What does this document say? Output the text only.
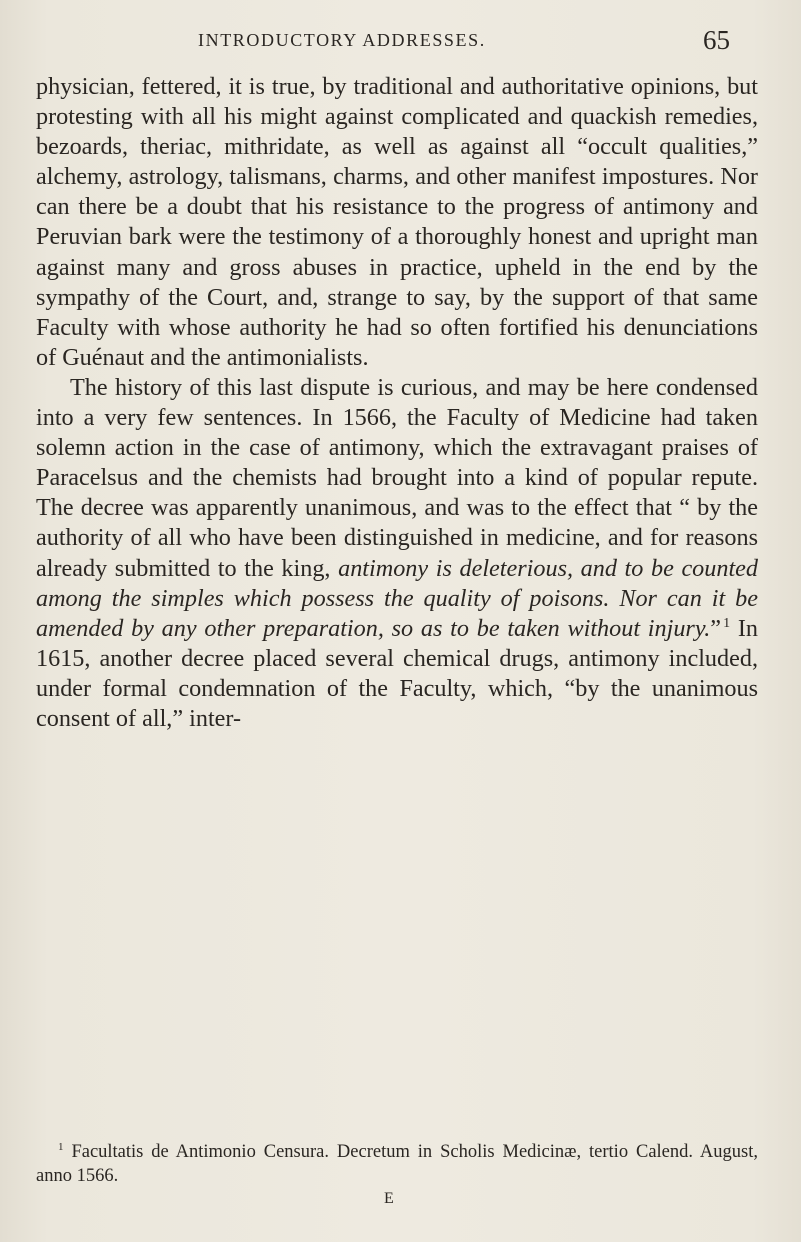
INTRODUCTORY ADDRESSES.	65

physician, fettered, it is true, by traditional and authoritative opinions, but protesting with all his might against complicated and quackish remedies, bezoards, theriac, mithridate, as well as against all “occult qualities,” alchemy, astrology, talismans, charms, and other manifest impostures. Nor can there be a doubt that his resistance to the progress of antimony and Peruvian bark were the testimony of a thoroughly honest and upright man against many and gross abuses in practice, upheld in the end by the sympathy of the Court, and, strange to say, by the support of that same Faculty with whose authority he had so often fortified his denunciations of Guénaut and the antimonialists.

The history of this last dispute is curious, and may be here condensed into a very few sentences. In 1566, the Faculty of Medicine had taken solemn action in the case of antimony, which the extravagant praises of Paracelsus and the chemists had brought into a kind of popular repute. The decree was apparently unanimous, and was to the effect that “ by the authority of all who have been distinguished in medicine, and for reasons already submitted to the king, antimony is deleterious, and to be counted among the simples which possess the quality of poisons. Nor can it be amended by any other preparation, so as to be taken without injury.”  $^1$ In 1615, another decree placed several chemical drugs, antimony included, under formal condemnation of the Faculty, which, “by the unanimous consent of all,” inter-

$^1$ Facultatis de Antimonio Censura. Decretum in Scholis Medicinæ, tertio Calend. August, anno 1566.

E
